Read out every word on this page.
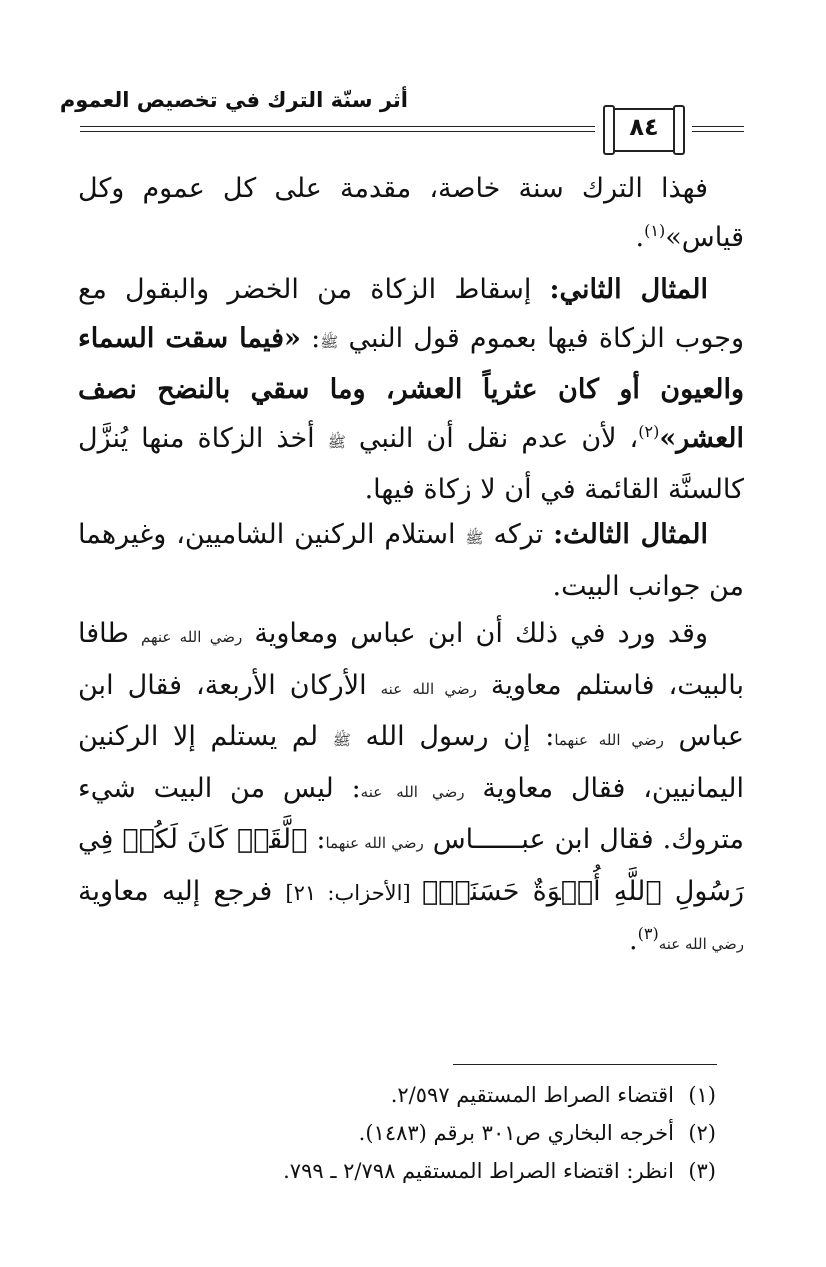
أثر سنّة الترك في تخصيص العموم
٨٤
فهذا الترك سنة خاصة، مقدمة على كل عموم وكل قياس»$^{(١)}$.
المثال الثاني: إسقاط الزكاة من الخضر والبقول مع وجوب الزكاة فيها بعموم قول النبي ﷺ: «فيما سقت السماء والعيون أو كان عثرياً العشر، وما سقي بالنضح نصف العشر»$^{(٢)}$، لأن عدم نقل أن النبي ﷺ أخذ الزكاة منها يُنزَّل كالسنَّة القائمة في أن لا زكاة فيها.
المثال الثالث: تركه ﷺ استلام الركنين الشاميين، وغيرهما من جوانب البيت.
وقد ورد في ذلك أن ابن عباس ومعاوية رضي الله عنهم طافا بالبيت، فاستلم معاوية رضي الله عنه الأركان الأربعة، فقال ابن عباس رضي الله عنهما: إن رسول الله ﷺ لم يستلم إلا الركنين اليمانيين، فقال معاوية رضي الله عنه: ليس من البيت شيء متروك. فقال ابن عبــــــاس رضي الله عنهما: ﴿لَّقَدۡ كَانَ لَكُمۡ فِي رَسُولِ ٱللَّهِ أُسۡوَةٌ حَسَنَةٞ﴾ [الأحزاب: ٢١] فرجع إليه معاوية رضي الله عنه$^{(٣)}$.
(١)اقتضاء الصراط المستقيم ٢/٥٩٧.
(٢)أخرجه البخاري ص٣٠١ برقم (١٤٨٣).
(٣)انظر: اقتضاء الصراط المستقيم ٢/٧٩٨ ـ ٧٩٩.
